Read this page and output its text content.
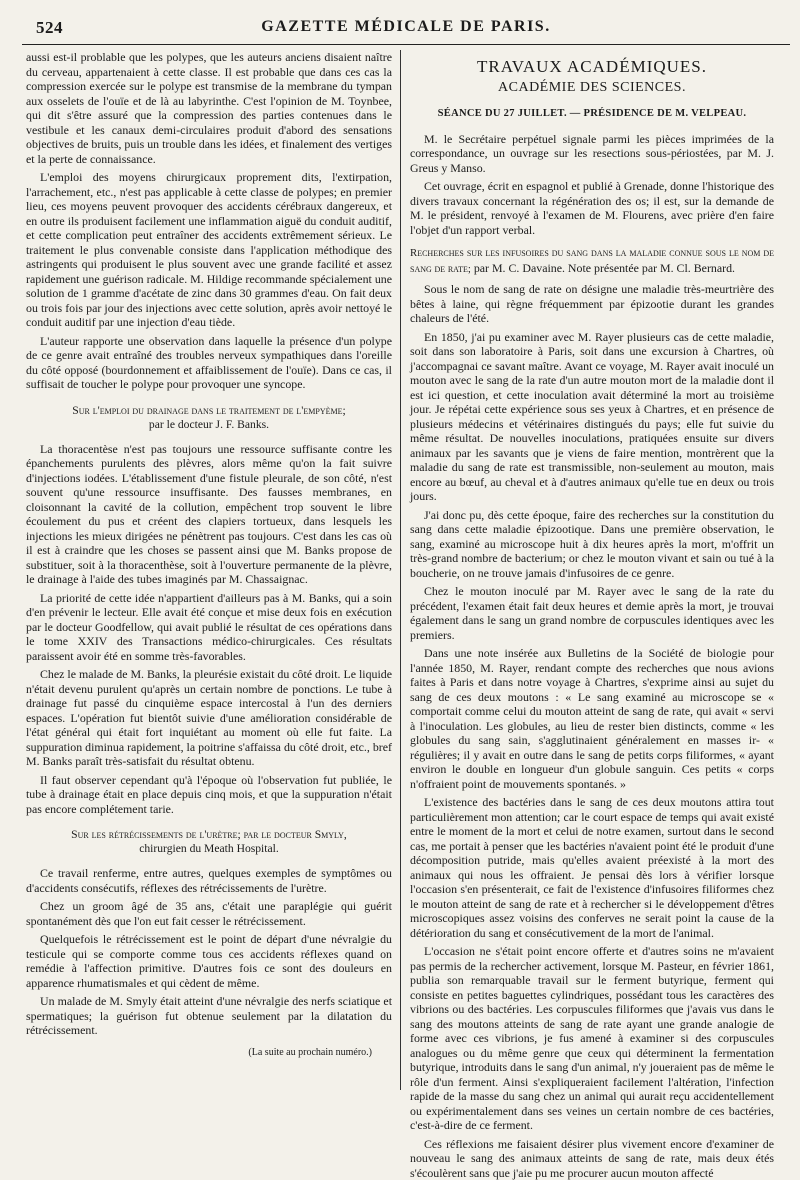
524	GAZETTE MÉDICALE DE PARIS.

aussi est-il problable que les polypes, que les auteurs anciens disaient naître du cerveau, appartenaient à cette classe. Il est probable que dans ces cas la compression exercée sur le polype est transmise de la membrane du tympan aux osselets de l'ouïe et de là au labyrinthe. C'est l'opinion de M. Toynbee, qui dit s'être assuré que la compression des parties contenues dans le vestibule et les canaux demi-circulaires produit d'abord des sensations objectives de bruits, puis un trouble dans les idées, et finalement des vertiges et la perte de connaissance.

L'emploi des moyens chirurgicaux proprement dits, l'extirpation, l'arrachement, etc., n'est pas applicable à cette classe de polypes; en premier lieu, ces moyens peuvent provoquer des accidents cérébraux dangereux, et en outre ils produisent facilement une inflammation aiguë du conduit auditif, et cette complication peut entraîner des accidents extrêmement sérieux. Le traitement le plus convenable consiste dans l'application méthodique des astringents qui produisent le plus souvent avec une grande facilité et assez rapidement une guérison radicale. M. Hildige recommande spécialement une solution de 1 gramme d'acétate de zinc dans 30 grammes d'eau. On fait deux ou trois fois par jour des injections avec cette solution, après avoir nettoyé le conduit auditif par une injection d'eau tiède.

L'auteur rapporte une observation dans laquelle la présence d'un polype de ce genre avait entraîné des troubles nerveux sympathiques dans l'oreille du côté opposé (bourdonnement et affaiblissement de l'ouïe). Dans ce cas, il suffisait de toucher le polype pour provoquer une syncope.

Sur l'emploi du drainage dans le traitement de l'empyème;
par le docteur J. F. Banks.

La thoracentèse n'est pas toujours une ressource suffisante contre les épanchements purulents des plèvres, alors même qu'on la fait suivre d'injections iodées. L'établissement d'une fistule pleurale, de son côté, n'est souvent qu'une ressource insuffisante. Des fausses membranes, en cloisonnant la cavité de la collution, empêchent trop souvent le libre écoulement du pus et créent des clapiers tortueux, dans lesquels les injections les mieux dirigées ne pénètrent pas toujours. C'est dans les cas où il est à craindre que les choses se passent ainsi que M. Banks propose de substituer, soit à la thoracenthèse, soit à l'ouverture permanente de la plèvre, le drainage à l'aide des tubes imaginés par M. Chassaignac.

La priorité de cette idée n'appartient d'ailleurs pas à M. Banks, qui a soin d'en prévenir le lecteur. Elle avait été conçue et mise deux fois en exécution par le docteur Goodfellow, qui avait publié le résultat de ces opérations dans le tome XXIV des Transactions médico-chirurgicales. Ces résultats paraissent avoir été en somme très-favorables.

Chez le malade de M. Banks, la pleurésie existait du côté droit. Le liquide n'était devenu purulent qu'après un certain nombre de ponctions. Le tube à drainage fut passé du cinquième espace intercostal à l'un des derniers espaces. L'opération fut bientôt suivie d'une amélioration considérable de l'état général qui était fort inquiétant au moment où elle fut faite. La suppuration diminua rapidement, la poitrine s'affaissa du côté droit, etc., bref M. Banks paraît très-satisfait du résultat obtenu.

Il faut observer cependant qu'à l'époque où l'observation fut publiée, le tube à drainage était en place depuis cinq mois, et que la suppuration n'était pas encore complétement tarie.

Sur les rétrécissements de l'urètre; par le docteur Smyly,
chirurgien du Meath Hospital.

Ce travail renferme, entre autres, quelques exemples de symptômes ou d'accidents consécutifs, réflexes des rétrécissements de l'urètre.

Chez un groom âgé de 35 ans, c'était une paraplégie qui guérit spontanément dès que l'on eut fait cesser le rétrécissement.

Quelquefois le rétrécissement est le point de départ d'une névralgie du testicule qui se comporte comme tous ces accidents réflexes quand on remédie à l'affection primitive. D'autres fois ce sont des douleurs en apparence rhumatismales et qui cèdent de même.

Un malade de M. Smyly était atteint d'une névralgie des nerfs sciatique et spermatiques; la guérison fut obtenue seulement par la dilatation du rétrécissement.

(La suite au prochain numéro.)
TRAVAUX ACADÉMIQUES.
ACADÉMIE DES SCIENCES.
SÉANCE DU 27 JUILLET. — PRÉSIDENCE DE M. VELPEAU.

M. le Secrétaire perpétuel signale parmi les pièces imprimées de la correspondance, un ouvrage sur les resections sous-périostées, par M. J. Greus y Manso.

Cet ouvrage, écrit en espagnol et publié à Grenade, donne l'historique des divers travaux concernant la régénération des os; il est, sur la demande de M. le président, renvoyé à l'examen de M. Flourens, avec prière d'en faire l'objet d'un rapport verbal.

Recherches sur les infusoires du sang dans la maladie connue sous le nom de sang de rate; par M. C. Davaine. Note présentée par M. Cl. Bernard.

Sous le nom de sang de rate on désigne une maladie très-meurtrière des bêtes à laine, qui règne fréquemment par épizootie durant les grandes chaleurs de l'été.

En 1850, j'ai pu examiner avec M. Rayer plusieurs cas de cette maladie, soit dans son laboratoire à Paris, soit dans une excursion à Chartres, où j'accompagnai ce savant maître. Avant ce voyage, M. Rayer avait inoculé un mouton avec le sang de la rate d'un autre mouton mort de la maladie dont il est ici question, et cette inoculation avait déterminé la mort au troisième jour. Je répétai cette expérience sous ses yeux à Chartres, et en présence de plusieurs médecins et vétérinaires distingués du pays; elle fut suivie du même résultat. De nouvelles inoculations, pratiquées ensuite sur divers animaux par les savants que je viens de faire mention, montrèrent que la maladie du sang de rate est transmissible, non-seulement au mouton, mais encore au bœuf, au cheval et à d'autres animaux qu'elle tue en deux ou trois jours.

J'ai donc pu, dès cette époque, faire des recherches sur la constitution du sang dans cette maladie épizootique. Dans une première observation, le sang, examiné au microscope huit à dix heures après la mort, m'offrit un très-grand nombre de bacterium; or chez le mouton vivant et sain ou tué à la boucherie, on ne trouve jamais d'infusoires de ce genre.

Chez le mouton inoculé par M. Rayer avec le sang de la rate du précédent, l'examen était fait deux heures et demie après la mort, je trouvai également dans le sang un grand nombre de corpuscules identiques avec les premiers.

Dans une note insérée aux Bulletins de la Société de biologie pour l'année 1850, M. Rayer, rendant compte des recherches que nous avions faites à Paris et dans notre voyage à Chartres, s'exprime ainsi au sujet du sang de ces deux moutons : « Le sang examiné au microscope se « comportait comme celui du mouton atteint de sang de rate, qui avait « servi à l'inoculation. Les globules, au lieu de rester bien distincts, comme « les globules du sang sain, s'agglutinaient généralement en masses ir- « régulières; il y avait en outre dans le sang de petits corps filiformes, « ayant environ le double en longueur d'un globule sanguin. Ces petits « corps n'offraient point de mouvements spontanés. »

L'existence des bactéries dans le sang de ces deux moutons attira tout particulièrement mon attention; car le court espace de temps qui avait existé entre le moment de la mort et celui de notre examen, surtout dans le second cas, me portait à penser que les bactéries n'avaient point été le produit d'une décomposition putride, mais qu'elles avaient préexisté à la mort des animaux qui nous les offraient. Je pensai dès lors à vérifier lorsque l'occasion s'en présenterait, ce fait de l'existence d'infusoires filiformes chez le mouton atteint de sang de rate et à rechercher si le développement d'êtres microscopiques assez voisins des conferves ne serait point la cause de la détérioration du sang et consécutivement de la mort de l'animal.

L'occasion ne s'était point encore offerte et d'autres soins ne m'avaient pas permis de la rechercher activement, lorsque M. Pasteur, en février 1861, publia son remarquable travail sur le ferment butyrique, ferment qui consiste en petites baguettes cylindriques, possédant tous les caractères des vibrions ou des bactéries. Les corpuscules filiformes que j'avais vus dans le sang des moutons atteints de sang de rate ayant une grande analogie de forme avec ces vibrions, je fus amené à examiner si des corpuscules analogues ou du même genre que ceux qui déterminent la fermentation butyrique, introduits dans le sang d'un animal, n'y joueraient pas de même le rôle d'un ferment. Ainsi s'expliqueraient facilement l'altération, l'infection rapide de la masse du sang chez un animal qui aurait reçu accidentellement ou expérimentalement dans ses veines un certain nombre de ces bactéries, c'est-à-dire de ce ferment.

Ces réflexions me faisaient désirer plus vivement encore d'examiner de nouveau le sang des animaux atteints de sang de rate, mais deux étés s'écoulèrent sans que j'aie pu me procurer aucun mouton affecté
